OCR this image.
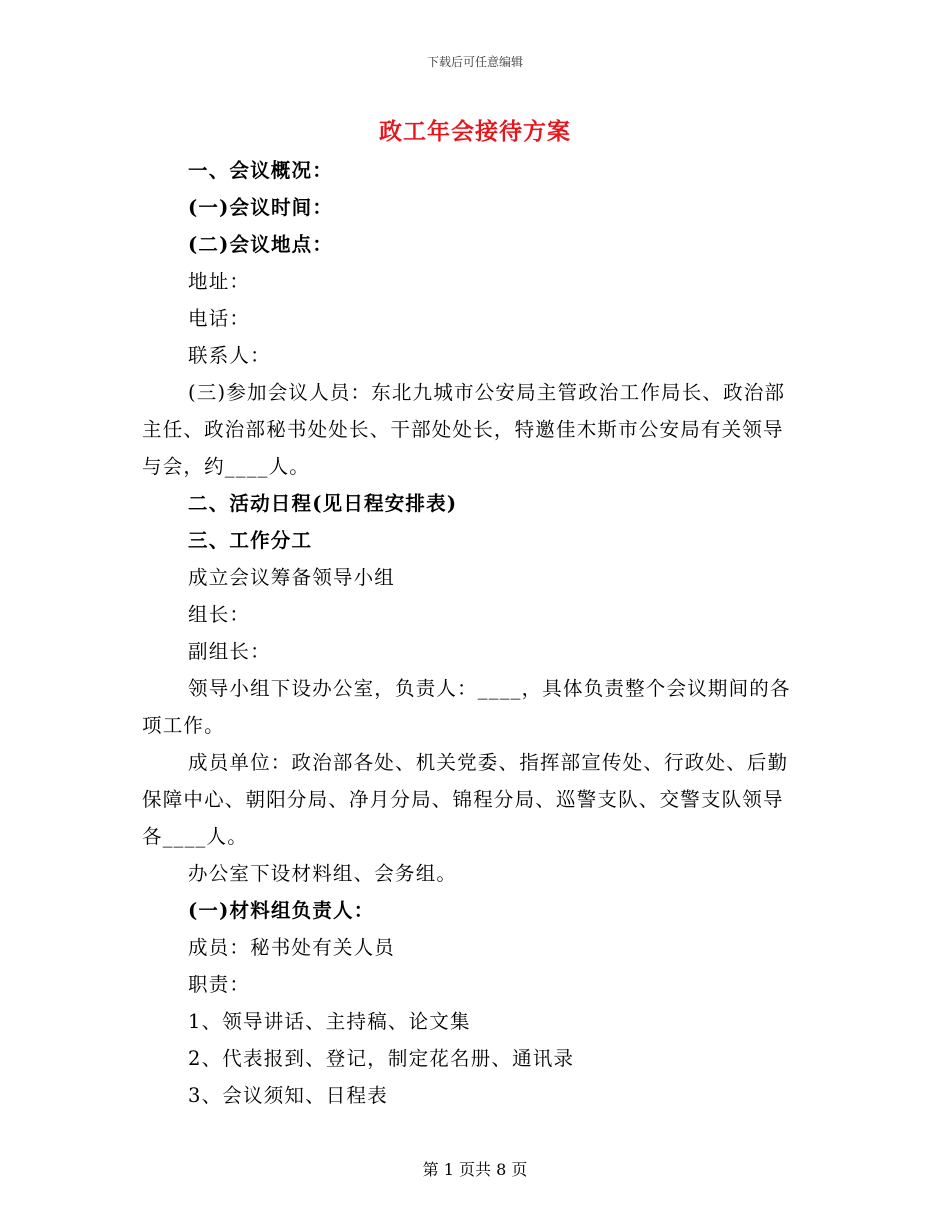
下载后可任意编辑
政工年会接待方案

一、会议概况：

(一)会议时间：

(二)会议地点：

地址：

电话：

联系人：

(三)参加会议人员：东北九城市公安局主管政治工作局长、政治部主任、政治部秘书处处长、干部处处长，特邀佳木斯市公安局有关领导与会，约____人。

二、活动日程(见日程安排表)

三、工作分工

成立会议筹备领导小组

组长：

副组长：

领导小组下设办公室，负责人：____，具体负责整个会议期间的各项工作。

成员单位：政治部各处、机关党委、指挥部宣传处、行政处、后勤保障中心、朝阳分局、净月分局、锦程分局、巡警支队、交警支队领导各____人。

办公室下设材料组、会务组。

(一)材料组负责人：

成员：秘书处有关人员

职责：

1、领导讲话、主持稿、论文集

2、代表报到、登记，制定花名册、通讯录

3、会议须知、日程表

第 1 页共 8 页
